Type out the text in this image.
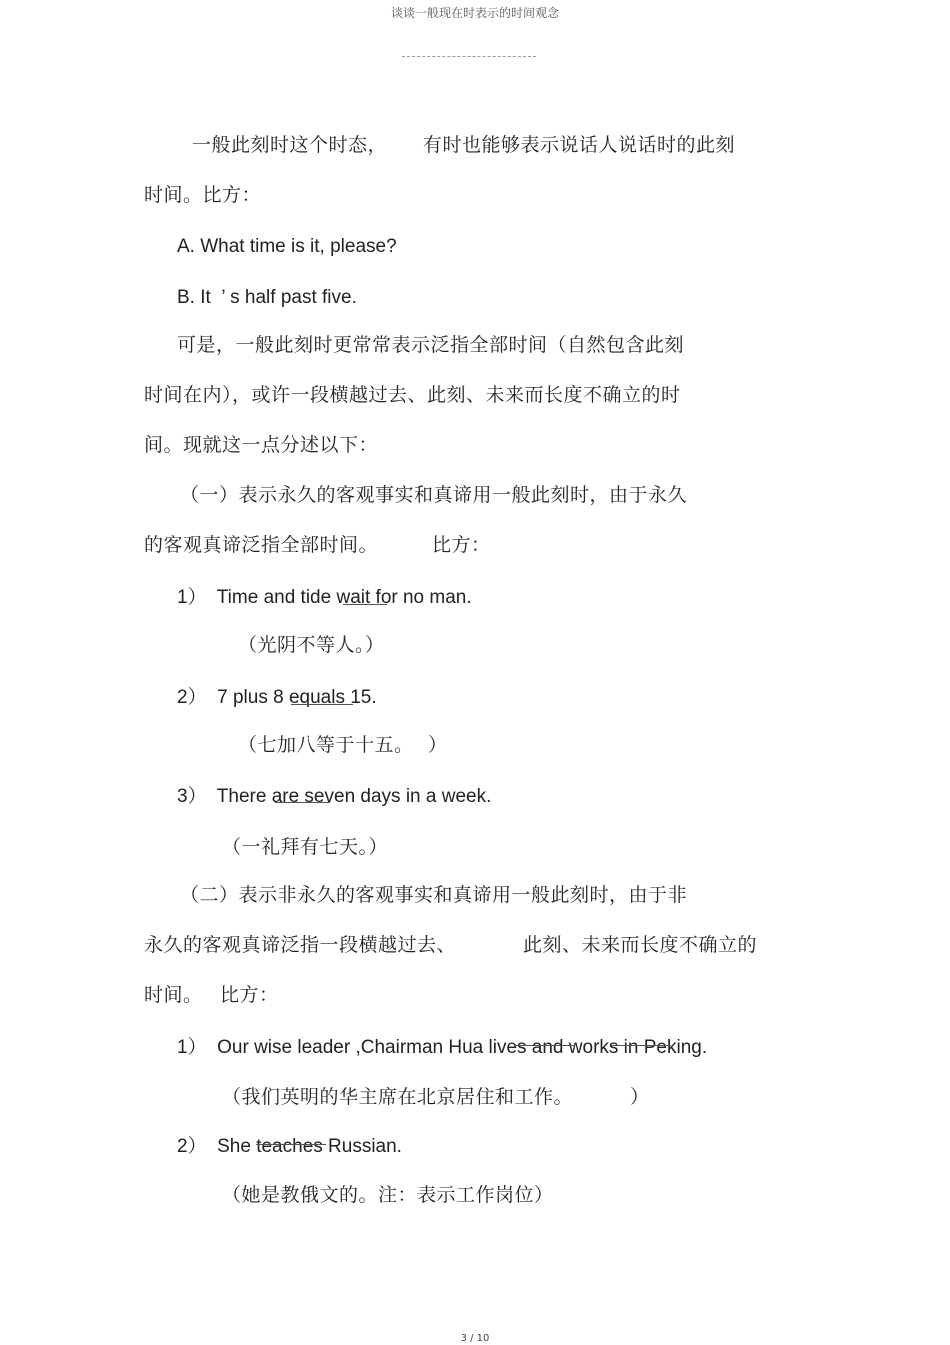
谈谈一般现在时表示的时间观念
一般此刻时这个时态， 有时也能够表示说话人说话时的此刻
时间。比方：
A. What time is it, please?
B. It  ’ s half past five.
可是，一般此刻时更常常表示泛指全部时间（自然包含此刻
时间在内），或许一段横越过去、此刻、未来而长度不确立的时
间。现就这一点分述以下：
（一）表示永久的客观事实和真谛用一般此刻时，由于永久
的客观真谛泛指全部时间。	比方：
1）  Time and tide wait for no man.
（光阴不等人。）
2）  7 plus 8 equals 15.
（七加八等于十五。 ）
3）  There are seven days in a week.
（一礼拜有七天。）
（二）表示非永久的客观事实和真谛用一般此刻时，由于非
永久的客观真谛泛指一段横越过去、	此刻、未来而长度不确立的
时间。 比方：
1）  Our wise leader ,Chairman Hua lives and works in Peking.
（我们英明的华主席在北京居住和工作。	）
2）  She teaches Russian.
（她是教俄文的。注：表示工作岗位）
3 / 10
